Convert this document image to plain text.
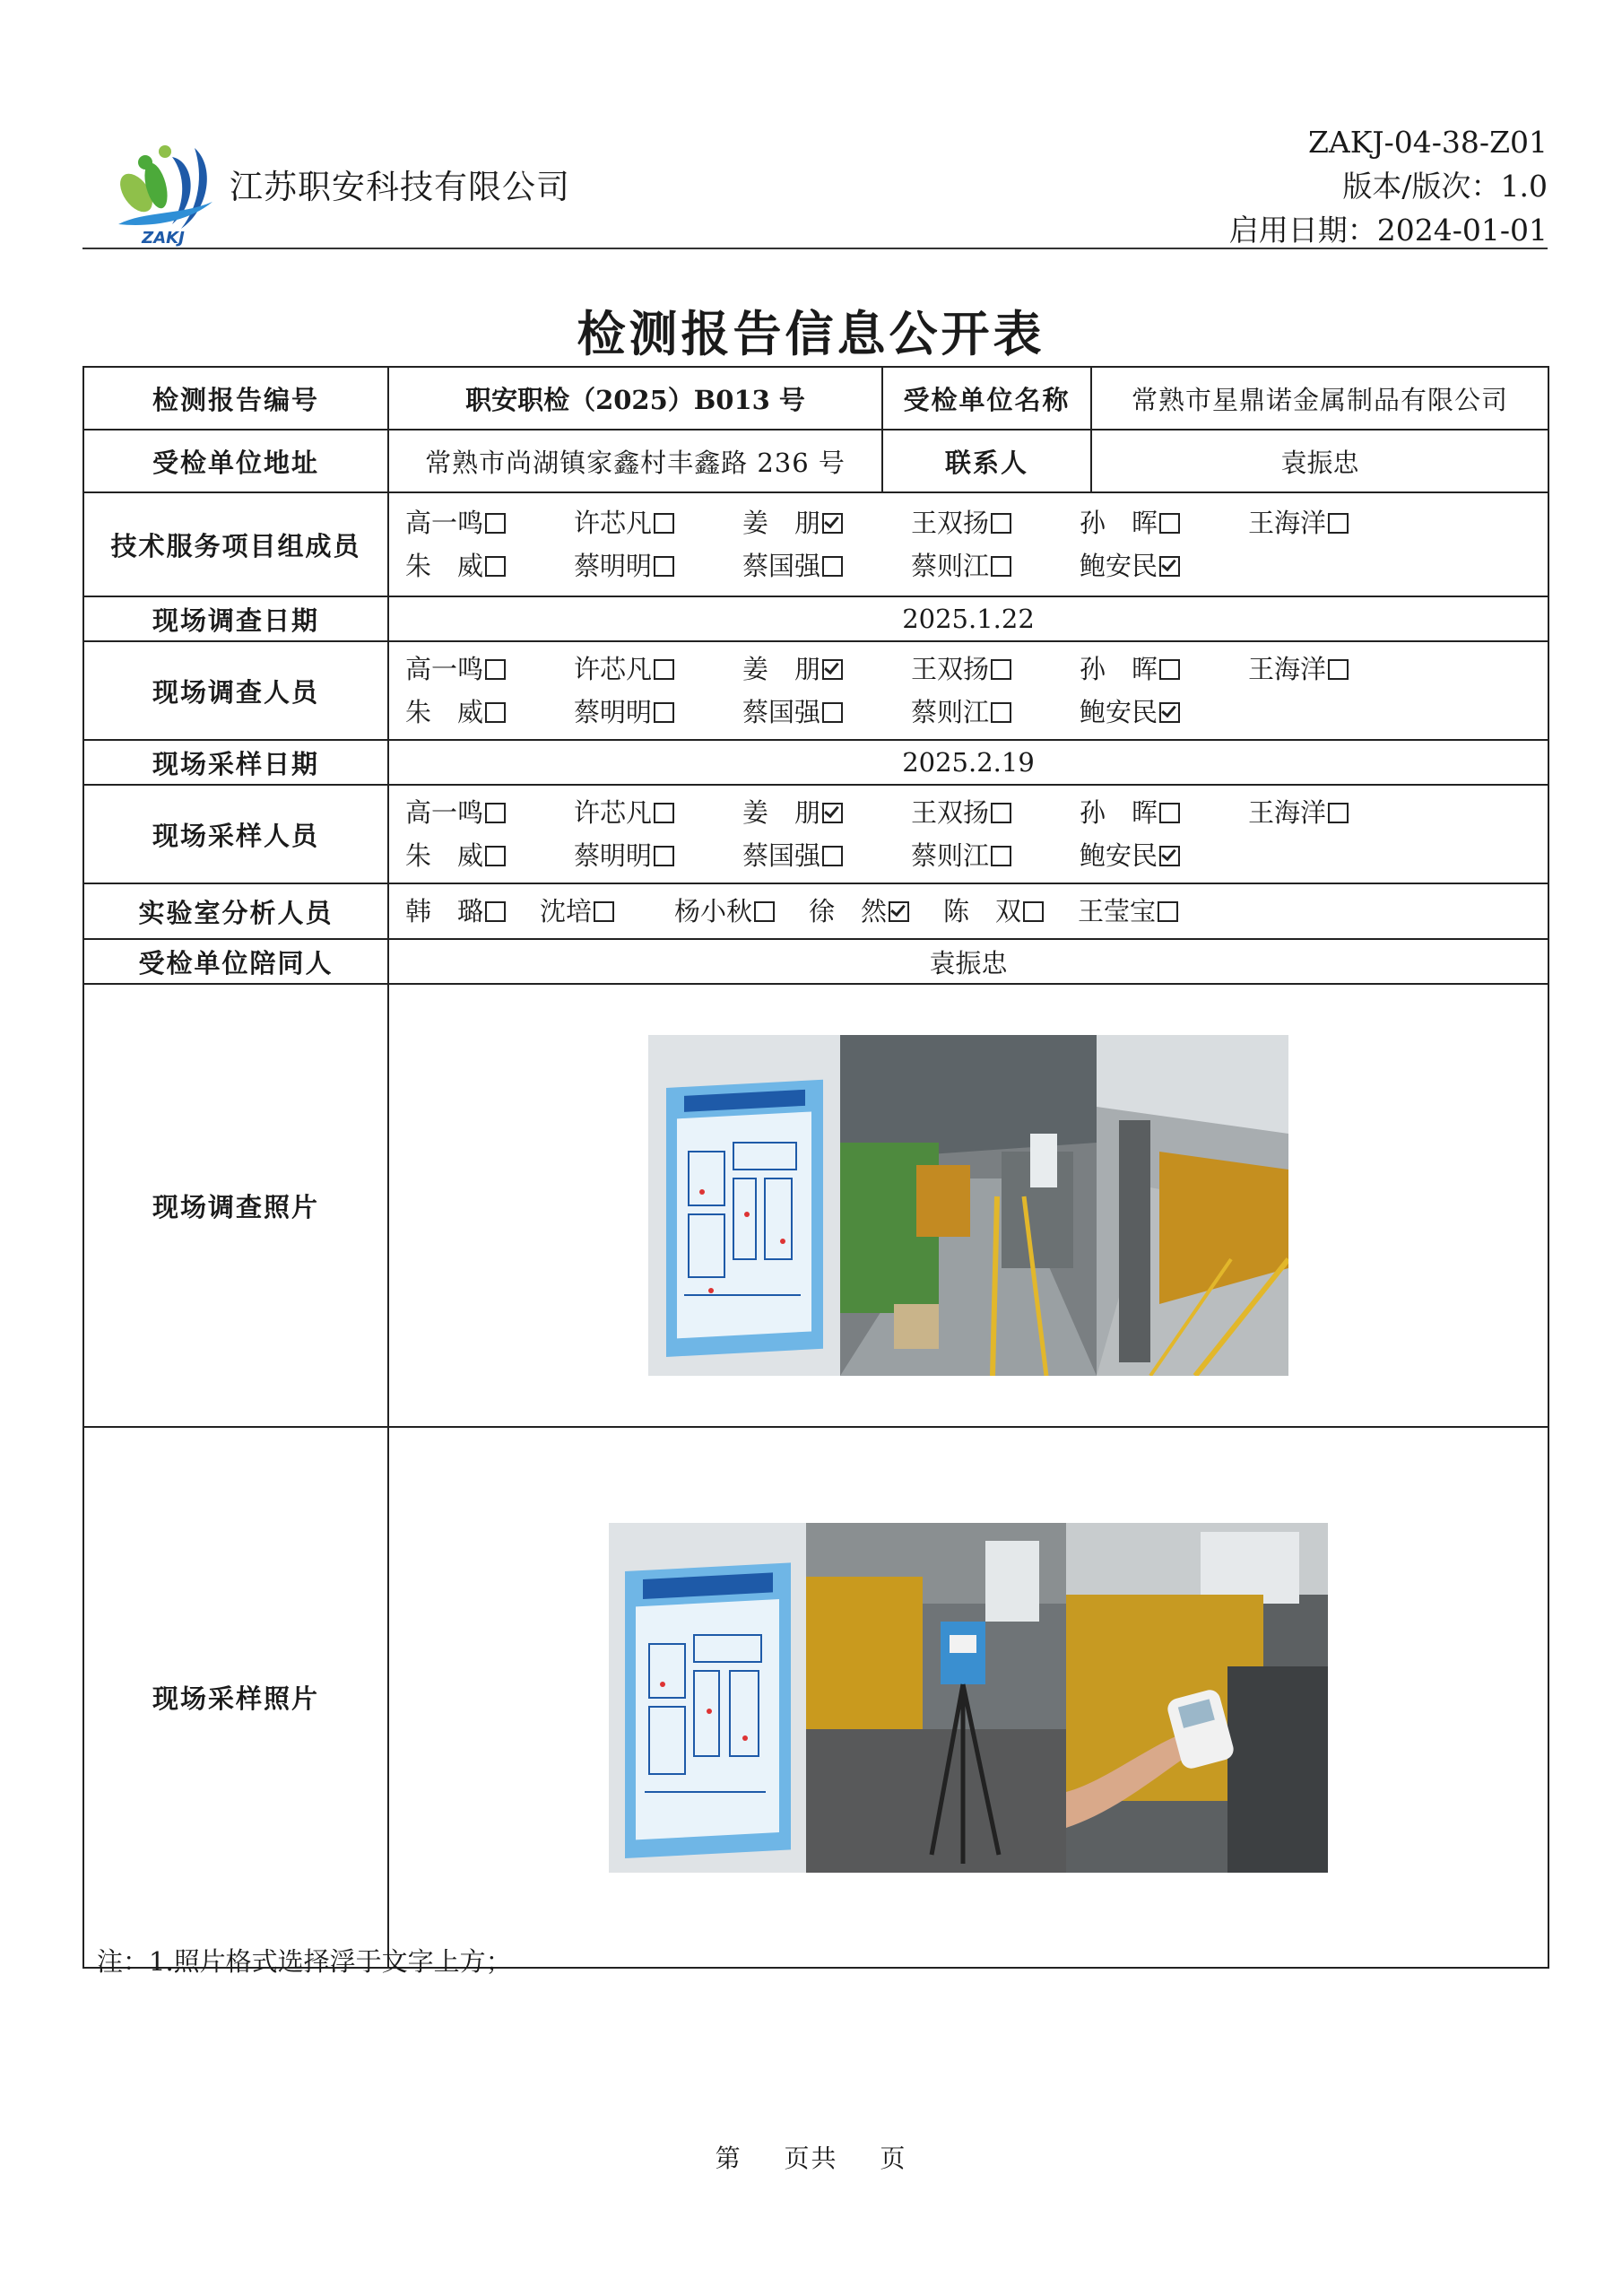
ZAKJ
江苏职安科技有限公司
ZAKJ-04-38-Z01
版本/版次：1.0
启用日期：2024-01-01
检测报告信息公开表
检测报告编号	职安职检（2025）B013 号	受检单位名称	常熟市星鼎诺金属制品有限公司
受检单位地址	常熟市尚湖镇家鑫村丰鑫路 236 号	联系人	袁振忠
技术服务项目组成员	高一鸣 许芯凡 姜　朋 王双扬 孙　晖 王海洋
朱　威 蔡明明 蔡国强 蔡则江 鲍安民		

现场调查日期	2025.1.22		
现场调查人员	高一鸣 许芯凡 姜　朋 王双扬 孙　晖 王海洋
朱　威 蔡明明 蔡国强 蔡则江 鲍安民		

现场采样日期	2025.2.19		
现场采样人员	高一鸣 许芯凡 姜　朋 王双扬 孙　晖 王海洋
朱　威 蔡明明 蔡国强 蔡则江 鲍安民		

实验室分析人员	韩　璐 沈培 杨小秋 徐　然 陈　双 王莹宝		

受检单位陪同人	袁振忠		
现场调查照片	

现场采样照片	
注：1.照片格式选择浮于文字上方；
第 页共 页
